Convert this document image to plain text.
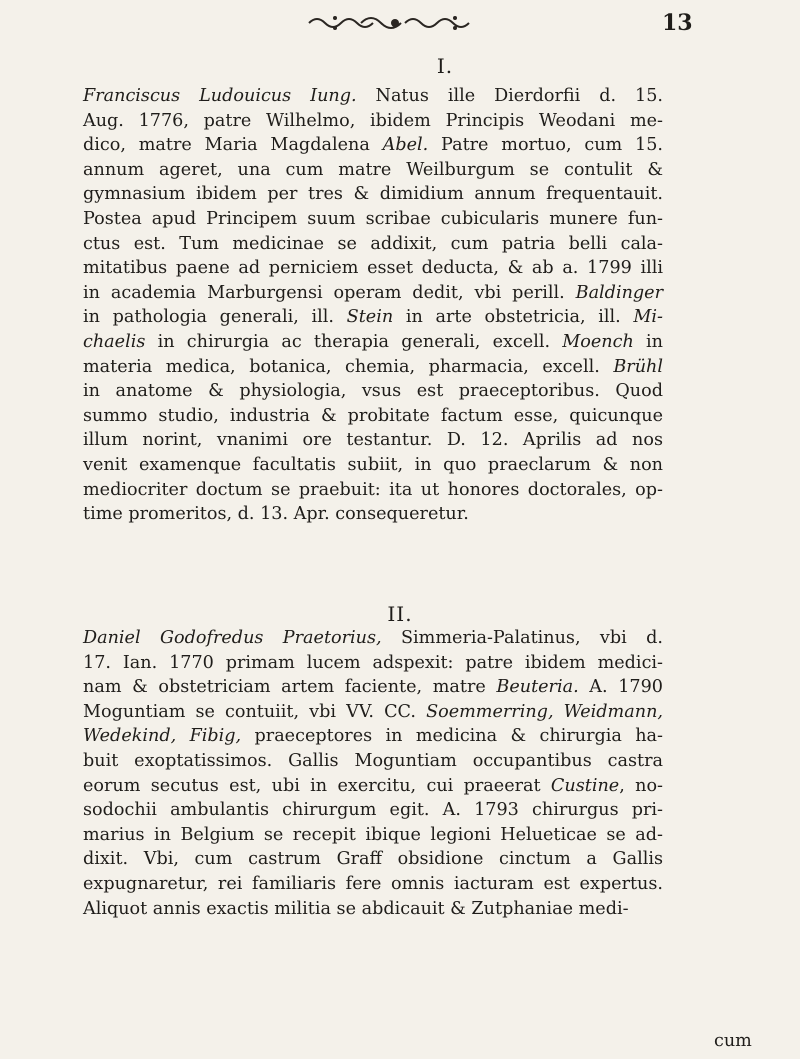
13
I.
Franciscus Ludouicus Iung. Natus ille Dierdorfii d. 15.
Aug. 1776, patre Wilhelmo, ibidem Principis Weodani me-
dico, matre Maria Magdalena Abel. Patre mortuo, cum 15.
annum ageret, una cum matre Weilburgum se contulit &
gymnasium ibidem per tres & dimidium annum frequentauit.
Postea apud Principem suum scribae cubicularis munere fun-
ctus est. Tum medicinae se addixit, cum patria belli cala-
mitatibus paene ad perniciem esset deducta, & ab a. 1799 illi
in academia Marburgensi operam dedit, vbi perill. Baldinger
in pathologia generali, ill. Stein in arte obstetricia, ill. Mi-
chaelis in chirurgia ac therapia generali, excell. Moench in
materia medica, botanica, chemia, pharmacia, excell. Brühl
in anatome & physiologia, vsus est praeceptoribus. Quod
summo studio, industria & probitate factum esse, quicunque
illum norint, vnanimi ore testantur. D. 12. Aprilis ad nos
venit examenque facultatis subiit, in quo praeclarum & non
mediocriter doctum se praebuit: ita ut honores doctorales, op-
time promeritos, d. 13. Apr. consequeretur.
II.
Daniel Godofredus Praetorius, Simmeria-Palatinus, vbi d.
17. Ian. 1770 primam lucem adspexit: patre ibidem medici-
nam & obstetriciam artem faciente, matre Beuteria. A. 1790
Moguntiam se contuiit, vbi VV. CC. Soemmerring, Weidmann,
Wedekind, Fibig, praeceptores in medicina & chirurgia ha-
buit exoptatissimos. Gallis Moguntiam occupantibus castra
eorum secutus est, ubi in exercitu, cui praeerat Custine, no-
sodochii ambulantis chirurgum egit. A. 1793 chirurgus pri-
marius in Belgium se recepit ibique legioni Helueticae se ad-
dixit. Vbi, cum castrum Graff obsidione cinctum a Gallis
expugnaretur, rei familiaris fere omnis iacturam est expertus.
Aliquot annis exactis militia se abdicauit & Zutphaniae medi-
cum
